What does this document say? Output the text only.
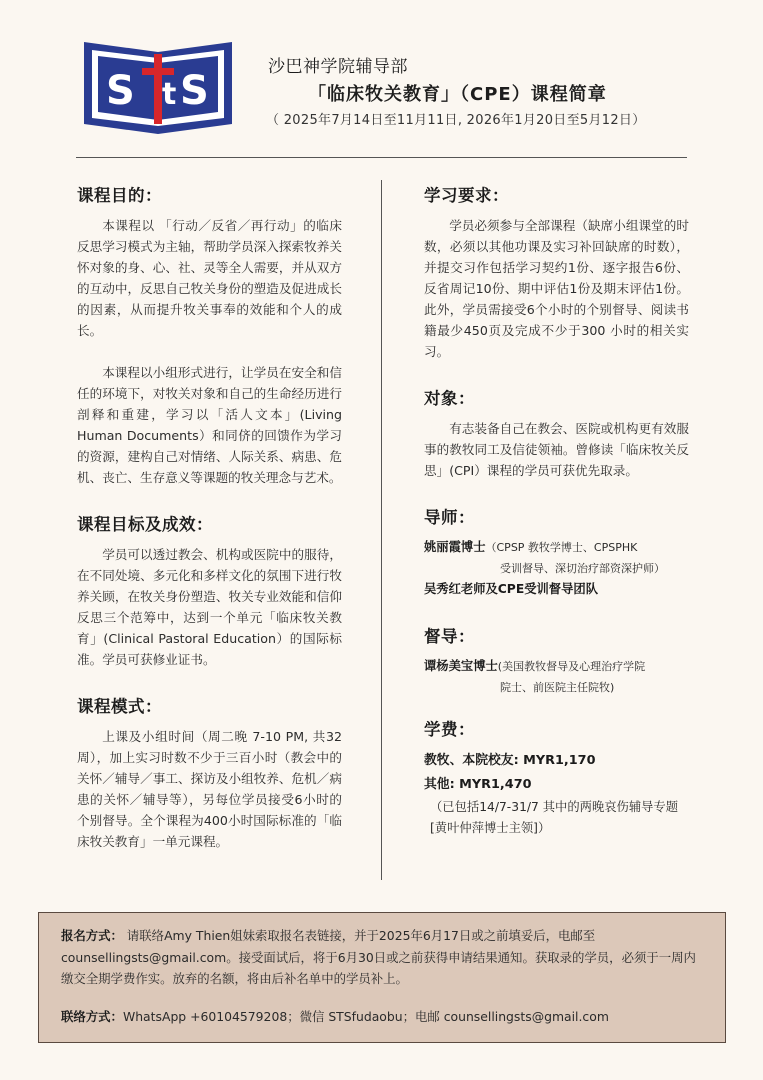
S S
t
沙巴神学院辅导部
「临床牧关教育」（CPE）课程简章
（ 2025年7月14日至11月11日, 2026年1月20日至5月12日）
课程目的：

本课程以 「行动／反省／再行动」的临床反思学习模式为主轴，帮助学员深入探索牧养关怀对象的身、心、社、灵等全人需要，并从双方的互动中，反思自己牧关身份的塑造及促进成长的因素，从而提升牧关事奉的效能和个人的成长。

本课程以小组形式进行，让学员在安全和信任的环境下，对牧关对象和自己的生命经历进行剖释和重建，学习以「活人文本」(Living Human Documents）和同侪的回馈作为学习的资源，建构自己对情绪、人际关系、病患、危机、丧亡、生存意义等课题的牧关理念与艺术。

课程目标及成效：

学员可以透过教会、机构或医院中的服待，在不同处境、多元化和多样文化的氛围下进行牧养关顾，在牧关身份塑造、牧关专业效能和信仰反思三个范筹中，达到一个单元「临床牧关教育」(Clinical Pastoral Education）的国际标准。学员可获修业证书。

课程模式：

上课及小组时间（周二晚 7-10 PM, 共32周），加上实习时数不少于三百小时（教会中的关怀／辅导／事工、探访及小组牧养、危机／病患的关怀／辅导等），另每位学员接受6小时的个别督导。全个课程为400小时国际标准的「临床牧关教育」一单元课程。

学习要求：

学员必须参与全部课程（缺席小组课堂的时数，必须以其他功课及实习补回缺席的时数），并提交习作包括学习契约1份、逐字报告6份、反省周记10份、期中评估1份及期末评估1份。此外，学员需接受6个小时的个别督导、阅读书籍最少450页及完成不少于300 小时的相关实习。

对象：

有志装备自己在教会、医院或机构更有效服事的教牧同工及信徒领袖。曾修读「临床牧关反思」(CPI）课程的学员可获优先取录。

导师：
姚丽霞博士（CPSP 教牧学博士、CPSPHK
受训督导、深切治疗部资深护师）
吴秀红老师及CPE受训督导团队
督导：
谭杨美宝博士(美国教牧督导及心理治疗学院
院士、前医院主任院牧)
学费：
教牧、本院校友: MYR1,170
其他: MYR1,470
（已包括14/7-31/7 其中的两晚哀伤辅导专题 [黄叶仲萍博士主领]）
报名方式： 请联络Amy Thien姐妹索取报名表链接，并于2025年6月17日或之前填妥后，电邮至counsellingsts@gmail.com。接受面试后，将于6月30日或之前获得申请结果通知。获取录的学员，必须于一周内缴交全期学费作实。放弃的名额，将由后补名单中的学员补上。
联络方式：WhatsApp +60104579208；微信 STSfudaobu；电邮 counsellingsts@gmail.com
